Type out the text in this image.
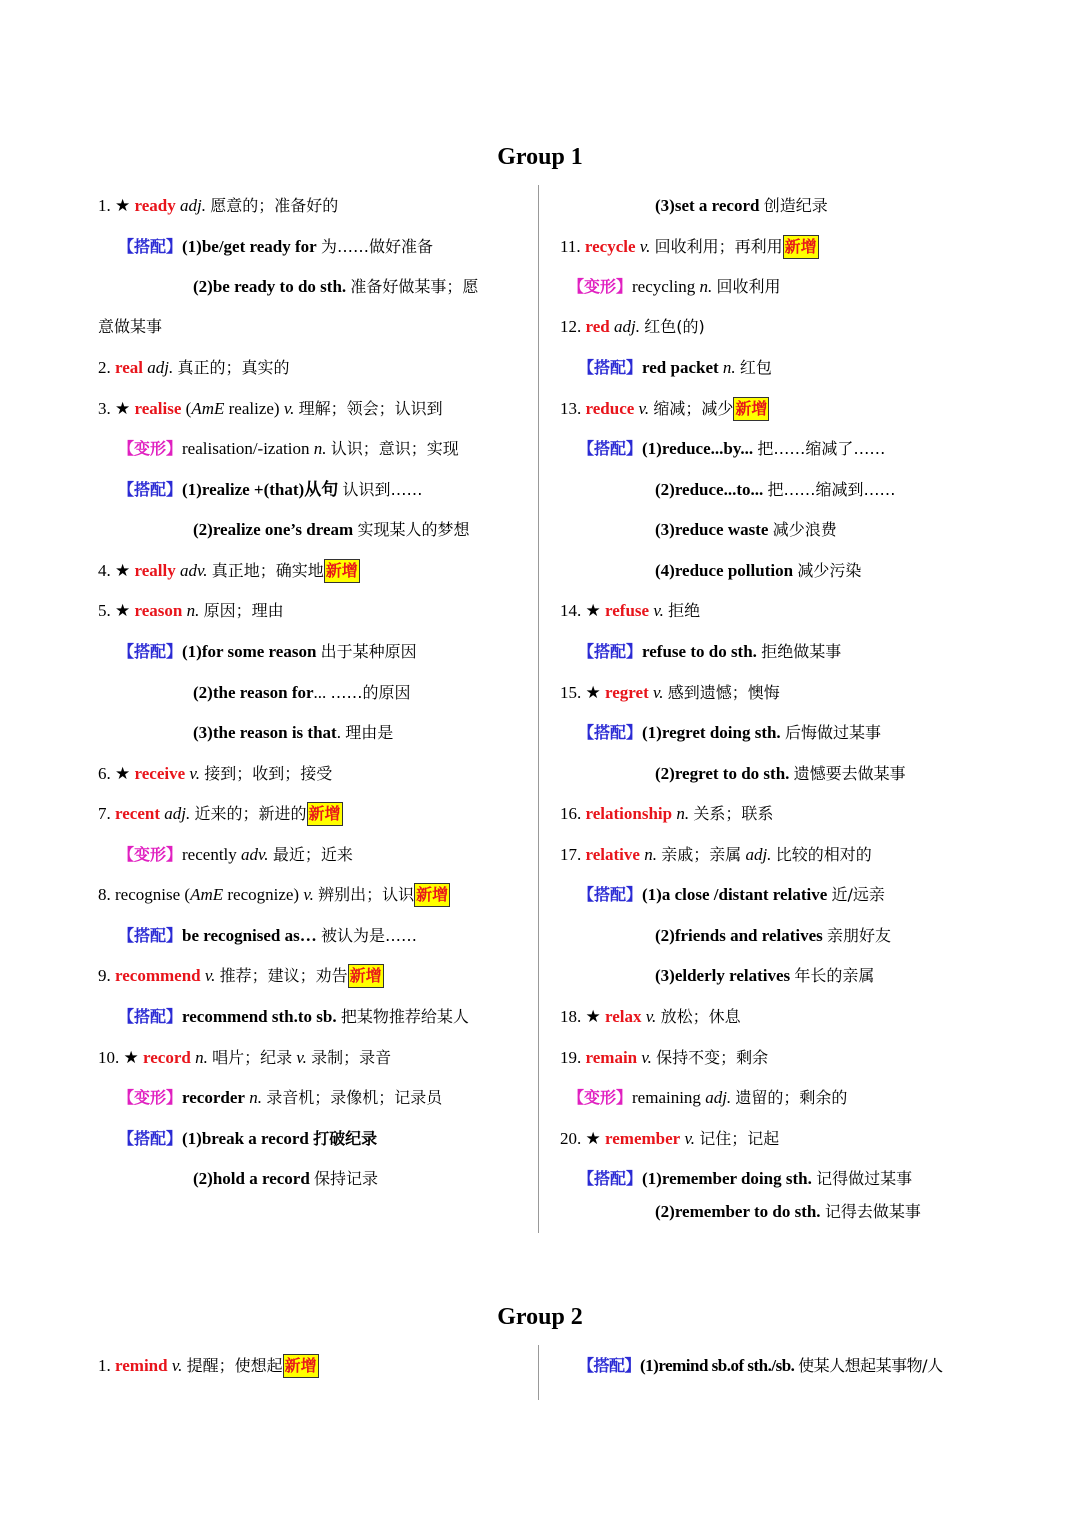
Group 1
1. ★ ready adj. 愿意的；准备好的
【搭配】(1)be/get ready for 为……做好准备
(2)be ready to do sth. 准备好做某事；愿
意做某事
2. real adj. 真正的；真实的
3. ★ realise (AmE realize) v. 理解；领会；认识到
【变形】realisation/-ization n. 认识；意识；实现
【搭配】(1)realize +(that)从句 认识到……
(2)realize one’s dream 实现某人的梦想
4. ★ really adv. 真正地；确实地 新增
5. ★ reason n. 原因；理由
【搭配】(1)for some reason 出于某种原因
(2)the reason for... ……的原因
(3)the reason is that. 理由是
6. ★ receive v. 接到；收到；接受
7. recent adj. 近来的；新进的 新增
【变形】recently adv. 最近；近来
8. recognise (AmE recognize) v. 辨别出；认识 新增
【搭配】be recognised as… 被认为是……
9. recommend v. 推荐；建议；劝告 新增
【搭配】recommend sth.to sb. 把某物推荐给某人
10. ★ record n. 唱片；纪录 v. 录制；录音
【变形】recorder n. 录音机；录像机；记录员
【搭配】(1)break a record 打破纪录
(2)hold a record 保持记录
(3)set a record 创造纪录
11. recycle v. 回收利用；再利用 新增
【变形】recycling n. 回收利用
12. red adj. 红色(的)
【搭配】red packet n. 红包
13. reduce v. 缩减；减少 新增
【搭配】(1)reduce...by... 把……缩减了……
(2)reduce...to... 把……缩减到……
(3)reduce waste 减少浪费
(4)reduce pollution 减少污染
14. ★ refuse v. 拒绝
【搭配】refuse to do sth. 拒绝做某事
15. ★ regret v. 感到遗憾；懊悔
【搭配】(1)regret doing sth. 后悔做过某事
(2)regret to do sth. 遗憾要去做某事
16. relationship n. 关系；联系
17. relative n. 亲戚；亲属 adj. 比较的相对的
【搭配】(1)a close /distant relative 近/远亲
(2)friends and relatives 亲朋好友
(3)elderly relatives 年长的亲属
18. ★ relax v. 放松；休息
19. remain v. 保持不变；剩余
【变形】remaining adj. 遗留的；剩余的
20. ★ remember v. 记住；记起
【搭配】(1)remember doing sth. 记得做过某事
(2)remember to do sth. 记得去做某事
Group 2
1. remind v. 提醒；使想起 新增	【搭配】(1)remind sb.of sth./sb. 使某人想起某事物/人
